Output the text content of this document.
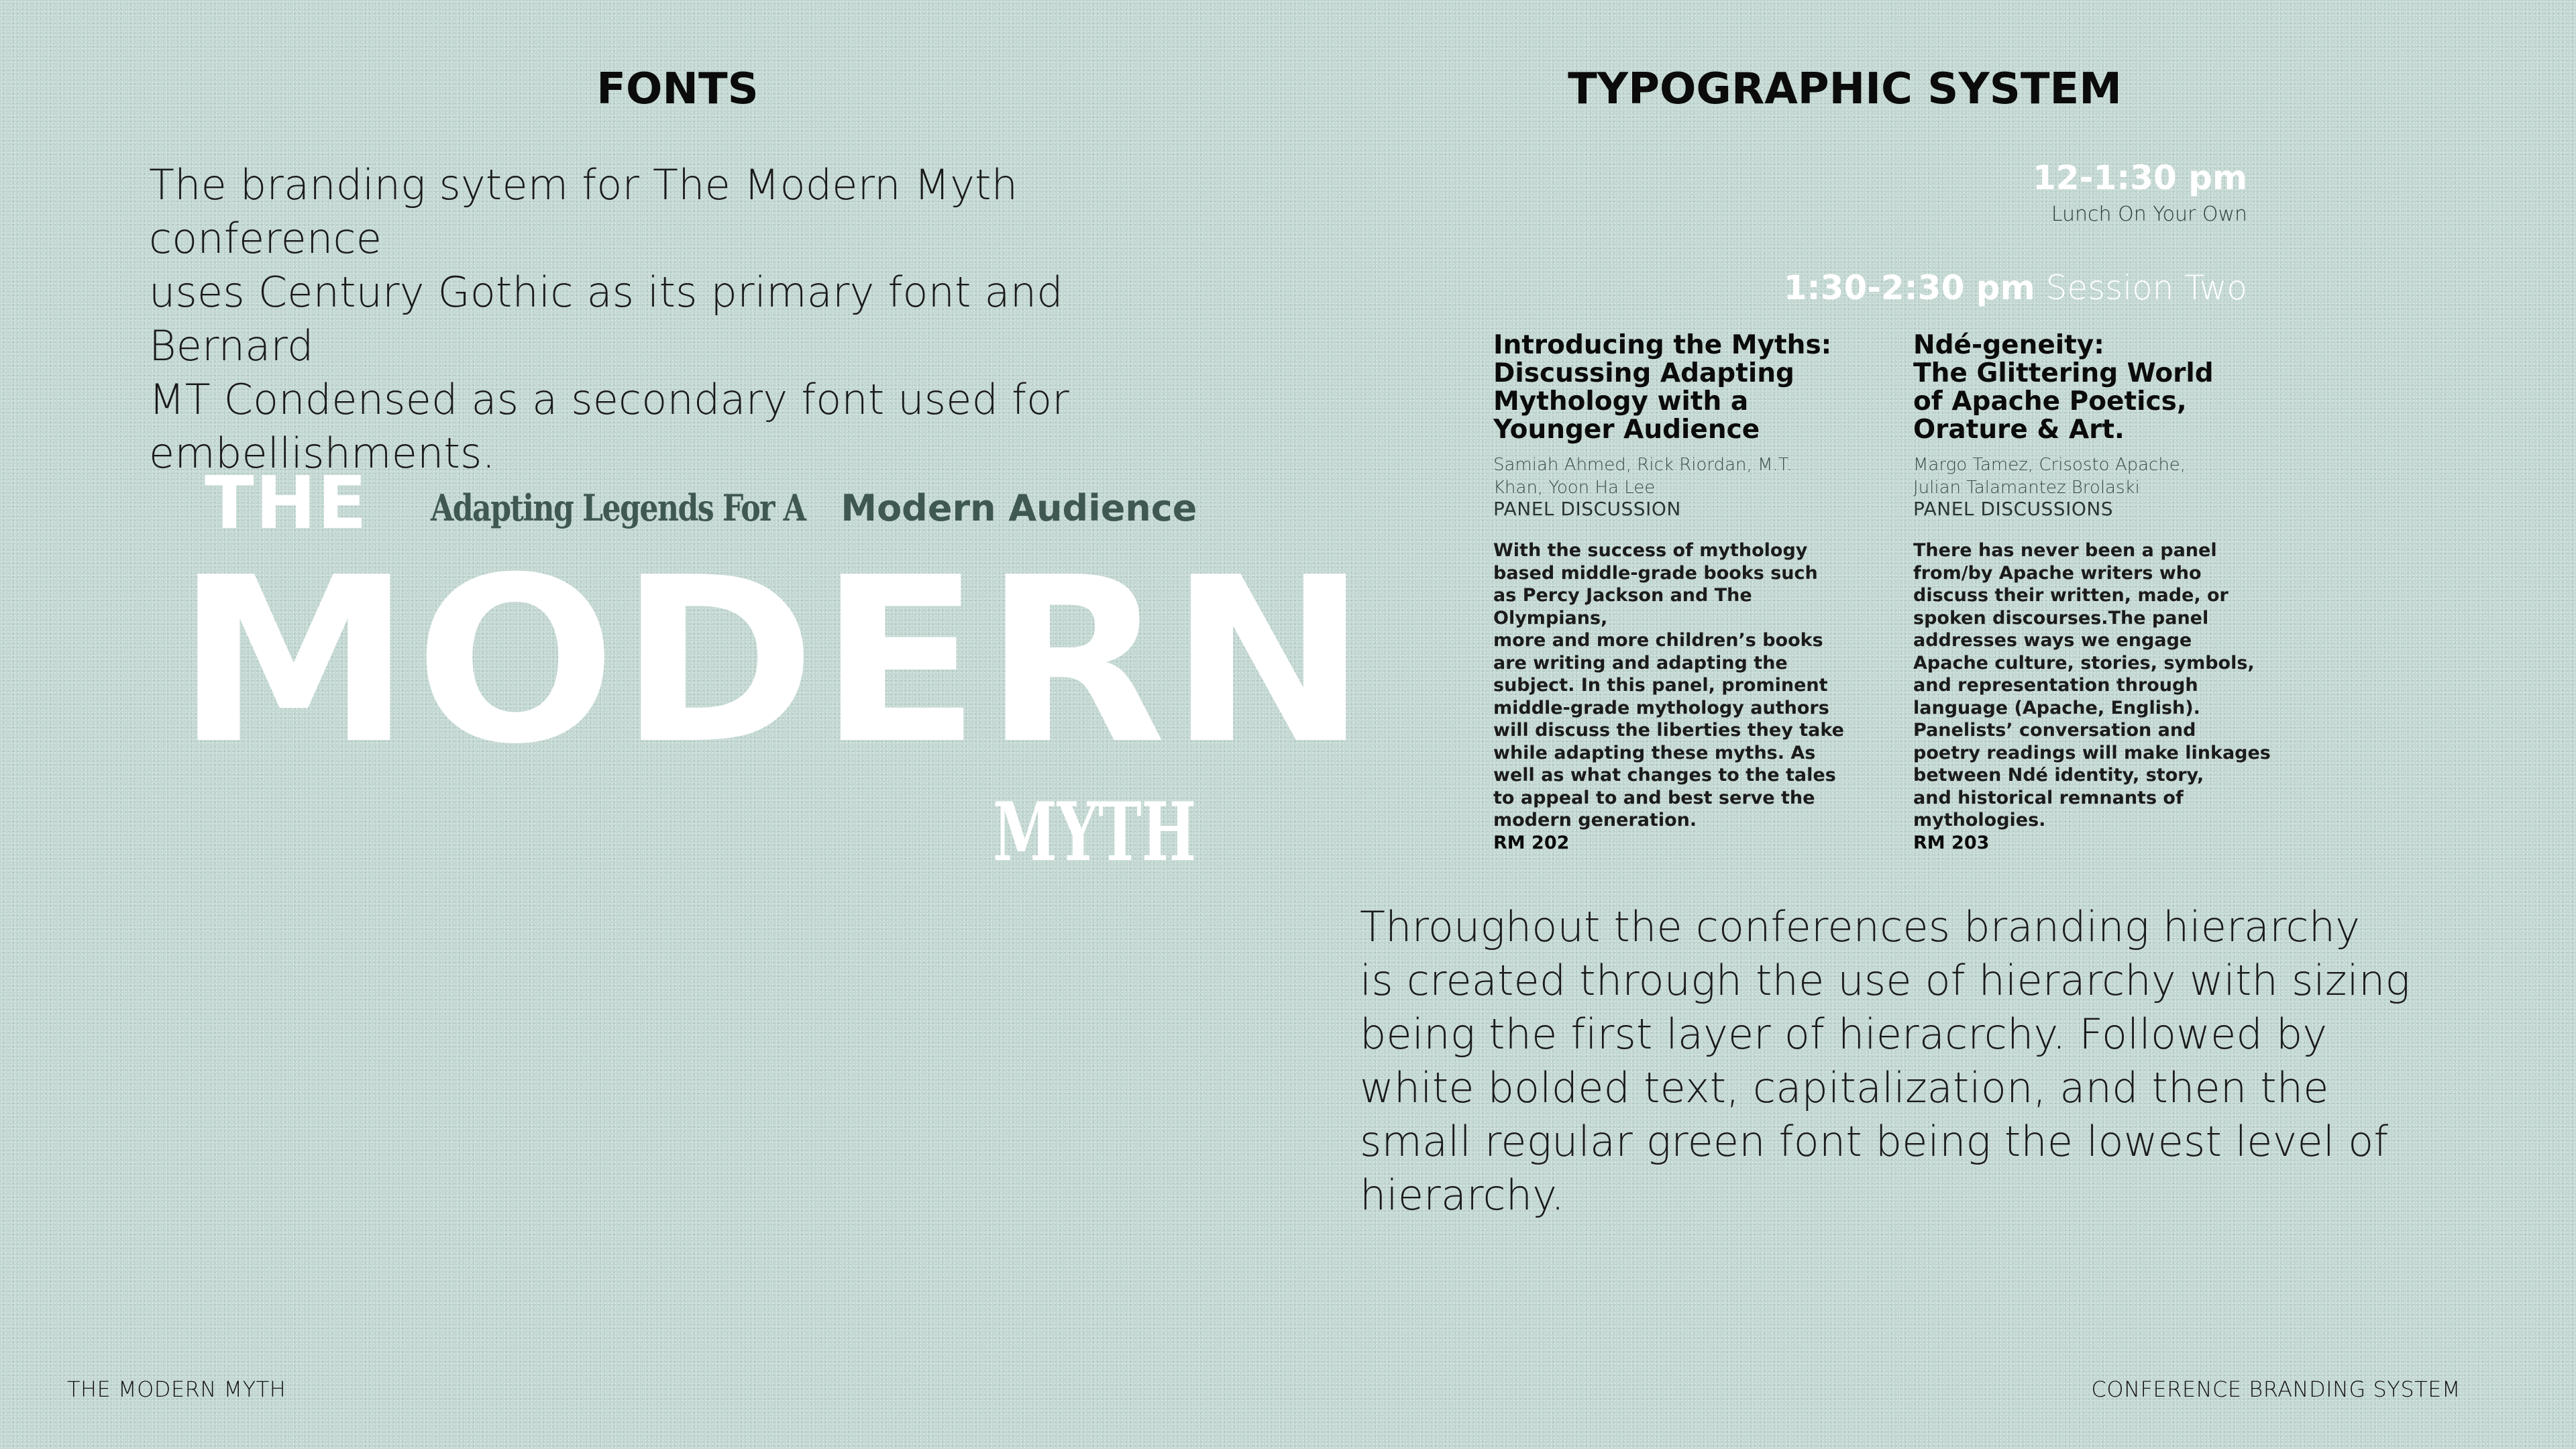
FONTS
The branding sytem for The Modern Myth conference
uses Century Gothic as its primary font and Bernard
MT Condensed as a secondary font used for
embellishments.
THE Adapting Legends For A Modern Audience
MODERN
MYTH
TYPOGRAPHIC SYSTEM
12-1:30 pm
Lunch On Your Own
1:30-2:30 pm Session Two
Introducing the Myths:
Discussing Adapting
Mythology with a
Younger Audience
Samiah Ahmed, Rick Riordan, M.T.
Khan, Yoon Ha Lee
PANEL DISCUSSION
With the success of mythology
based middle-grade books such
as Percy Jackson and The Olympians,
more and more children’s books
are writing and adapting the
subject. In this panel, prominent
middle-grade mythology authors
will discuss the liberties they take
while adapting these myths. As
well as what changes to the tales
to appeal to and best serve the
modern generation.
RM 202
Ndé-geneity:
The Glittering World
of Apache Poetics,
Orature & Art.
Margo Tamez, Crisosto Apache,
Julian Talamantez Brolaski
PANEL DISCUSSIONS
There has never been a panel
from/by Apache writers who
discuss their written, made, or
spoken discourses.The panel
addresses ways we engage
Apache culture, stories, symbols,
and representation through
language (Apache, English).
Panelists’ conversation and
poetry readings will make linkages
between Ndé identity, story,
and historical remnants of
mythologies.
RM 203
Throughout the conferences branding hierarchy
is created through the use of hierarchy with sizing
being the first layer of hieracrchy. Followed by
white bolded text, capitalization, and then the
small regular green font being the lowest level of
hierarchy.
THE MODERN MYTH	CONFERENCE BRANDING SYSTEM
